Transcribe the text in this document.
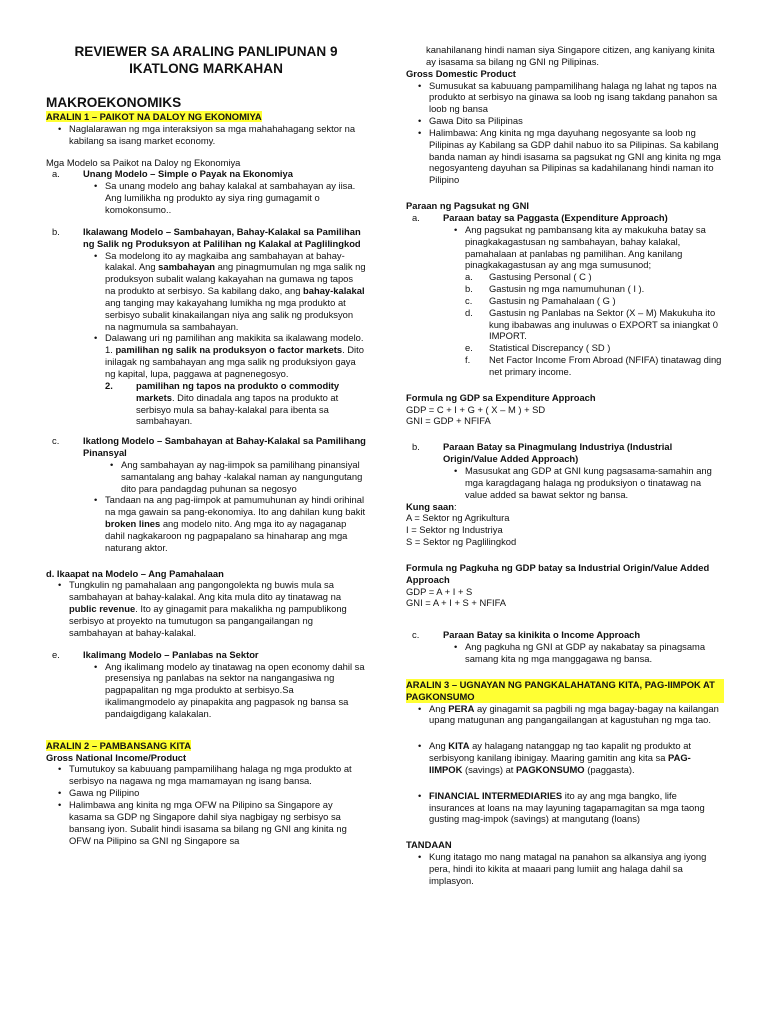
REVIEWER SA ARALING PANLIPUNAN 9
IKATLONG MARKAHAN
MAKROEKONOMIKS
ARALIN 1 – PAIKOT NA DALOY NG EKONOMIYA
• Naglalarawan ng mga interaksiyon sa mga mahahahagang sektor na kabilang sa isang market economy.
Mga Modelo sa Paikot na Daloy ng Ekonomiya
a. Unang Modelo – Simple o Payak na Ekonomiya
• Sa unang modelo ang bahay kalakal at sambahayan ay iisa. Ang lumilikha ng produkto ay siya ring gumagamit o komokonsumo..
b. Ikalawang Modelo – Sambahayan, Bahay-Kalakal sa Pamilihan ng Salik ng Produksyon at Palilihan ng Kalakal at Paglilingkod
• Sa modelong ito ay magkaiba ang sambahayan at bahay-kalakal. Ang sambahayan ang pinagmumulan ng mga salik ng produksyon subalit walang kakayahan na gumawa ng tapos na produkto at serbisyo. Sa kabilang dako, ang bahay-kalakal ang tanging may kakayahang lumikha ng mga produkto at serbisyo subalit kinakailangan niya ang salik ng produksyon na nagmumula sa sambahayan.
• Dalawang uri ng pamilihan ang makikita sa ikalawang modelo.
1. pamilihan ng salik na produksyon o factor markets. Dito inilagak ng sambahayan ang mga salik ng produksiyon gaya ng kapital, lupa, paggawa at pagnenegosyo.
2. pamilihan ng tapos na produkto o commodity markets. Dito dinadala ang tapos na produkto at serbisyo mula sa bahay-kalakal para ibenta sa sambahayan.
c.	Ikatlong Modelo – Sambahayan at Bahay-Kalakal sa Pamilihang Pinansyal
• Ang sambahayan ay nag-iimpok sa pamilihang pinansiyal samantalang ang bahay -kalakal naman ay nangungutang dito para pandagdag puhunan sa negosyo
• Tandaan na ang pag-iimpok at pamumuhunan ay hindi orihinal na mga gawain sa pang-ekonomiya. Ito ang dahilan kung bakit broken lines ang modelo nito. Ang mga ito ay nagaganap dahil nagkakaroon ng pagpapalano sa hinaharap ang mga naturang aktor.
d. Ikaapat na Modelo – Ang Pamahalaan
• Tungkulin ng pamahalaan ang pangongolekta ng buwis mula sa sambahayan at bahay-kalakal. Ang kita mula dito ay tinatawag na public revenue. Ito ay ginagamit para makalikha ng pampublikong serbisyo at proyekto na tumutugon sa pangangailangan ng sambahayan at bahay-kalakal.
e. Ikalimang Modelo – Panlabas na Sektor
• Ang ikalimang modelo ay tinatawag na open economy dahil sa presensiya ng panlabas na sektor na nangangasiwa ng pagpapalitan ng mga produkto at serbisyo.Sa ikalimangmodelo ay pinapakita ang pagpasok ng bansa sa pandaigdigang kalakalan.
ARALIN 2 – PAMBANSANG KITA
Gross National Income/Product
• Tumutukoy sa kabuuang pampamilihang halaga ng mga produkto at serbisyo na nagawa ng mga mamamayan ng isang bansa.
• Gawa ng Pilipino
• Halimbawa ang kinita ng mga OFW na Pilipino sa Singapore ay kasama sa GDP ng Singapore dahil siya nagbigay ng serbisyo sa bansang iyon. Subalit hindi isasama sa bilang ng GNI ang kinita ng OFW na Pilipino sa GNI ng Singapore sa
kanahilanang hindi naman siya Singapore citizen, ang kaniyang kinita ay isasama sa bilang ng GNI ng Pilipinas.
Gross Domestic Product
• Sumusukat sa kabuuang pampamilihang halaga ng lahat ng tapos na produkto at serbisyo na ginawa sa loob ng isang takdang panahon sa loob ng bansa
• Gawa Dito sa Pilipinas
• Halimbawa: Ang kinita ng mga dayuhang negosyante sa loob ng Pilipinas ay Kabilang sa GDP dahil nabuo ito sa Pilipinas. Sa kabilang banda naman ay hindi isasama sa pagsukat ng GNI ang kinita ng mga negosyanteng dayuhan sa Pilipinas sa kadahilanang hindi naman ito Pilipino
Paraan ng Pagsukat ng GNI
a. Paraan batay sa Paggasta (Expenditure Approach)
• Ang pagsukat ng pambansang kita ay makukuha batay sa pinagkakagastusan ng sambahayan, bahay kalakal, pamahalaan at panlabas ng pamilihan. Ang kanilang pinagkakagastusan ay ang mga sumusunod;
a. Gastusing Personal ( C )
b. Gastusin ng mga namumuhunan ( I ).
c. Gastusin ng Pamahalaan ( G )
d. Gastusin ng Panlabas na Sektor (X – M) Makukuha ito kung ibabawas ang inuluwas o EXPORT sa iniangkat 0 IMPORT.
e. Statistical Discrepancy ( SD )
f. Net Factor Income From Abroad (NFIFA) tinatawag ding net primary income.
Formula ng GDP sa Expenditure Approach
GDP = C + I + G + ( X – M ) + SD
GNI = GDP + NFIFA
b. Paraan Batay sa Pinagmulang Industriya (Industrial Origin/Value Added Approach)
• Masusukat ang GDP at GNI kung pagsasama-samahin ang mga karagdagang halaga ng produksiyon o tinatawag na value added sa bawat sektor ng bansa.
Kung saan:
A = Sektor ng Agrikultura
I = Sektor ng Industriya
S = Sektor ng Paglilingkod
Formula ng Pagkuha ng GDP batay sa Industrial Origin/Value Added Approach
GDP = A + I + S
GNI = A + I + S + NFIFA
c.	Paraan Batay sa kinikita o Income Approach
• Ang pagkuha ng GNI at GDP ay nakabatay sa pinagsama samang kita ng mga manggagawa ng bansa.
ARALIN 3 – UGNAYAN NG PANGKALAHATANG KITA, PAG-IIMPOK AT PAGKONSUMO
• Ang PERA ay ginagamit sa pagbili ng mga bagay-bagay na kailangan upang matugunan ang pangangailangan at kagustuhan ng mga tao.
• Ang KITA ay halagang natanggap ng tao kapalit ng produkto at serbisyong kanilang ibinigay. Maaring gamitin ang kita sa PAG-IIMPOK (savings) at PAGKONSUMO (paggasta).
• FINANCIAL INTERMEDIARIES ito ay ang mga bangko, life insurances at loans na may layuning tagapamagitan sa mga taong gusting mag-impok (savings) at mangutang (loans)
TANDAAN
• Kung itatago mo nang matagal na panahon sa alkansiya ang iyong pera, hindi ito kikita at maaari pang lumiit ang halaga dahil sa implasyon.
